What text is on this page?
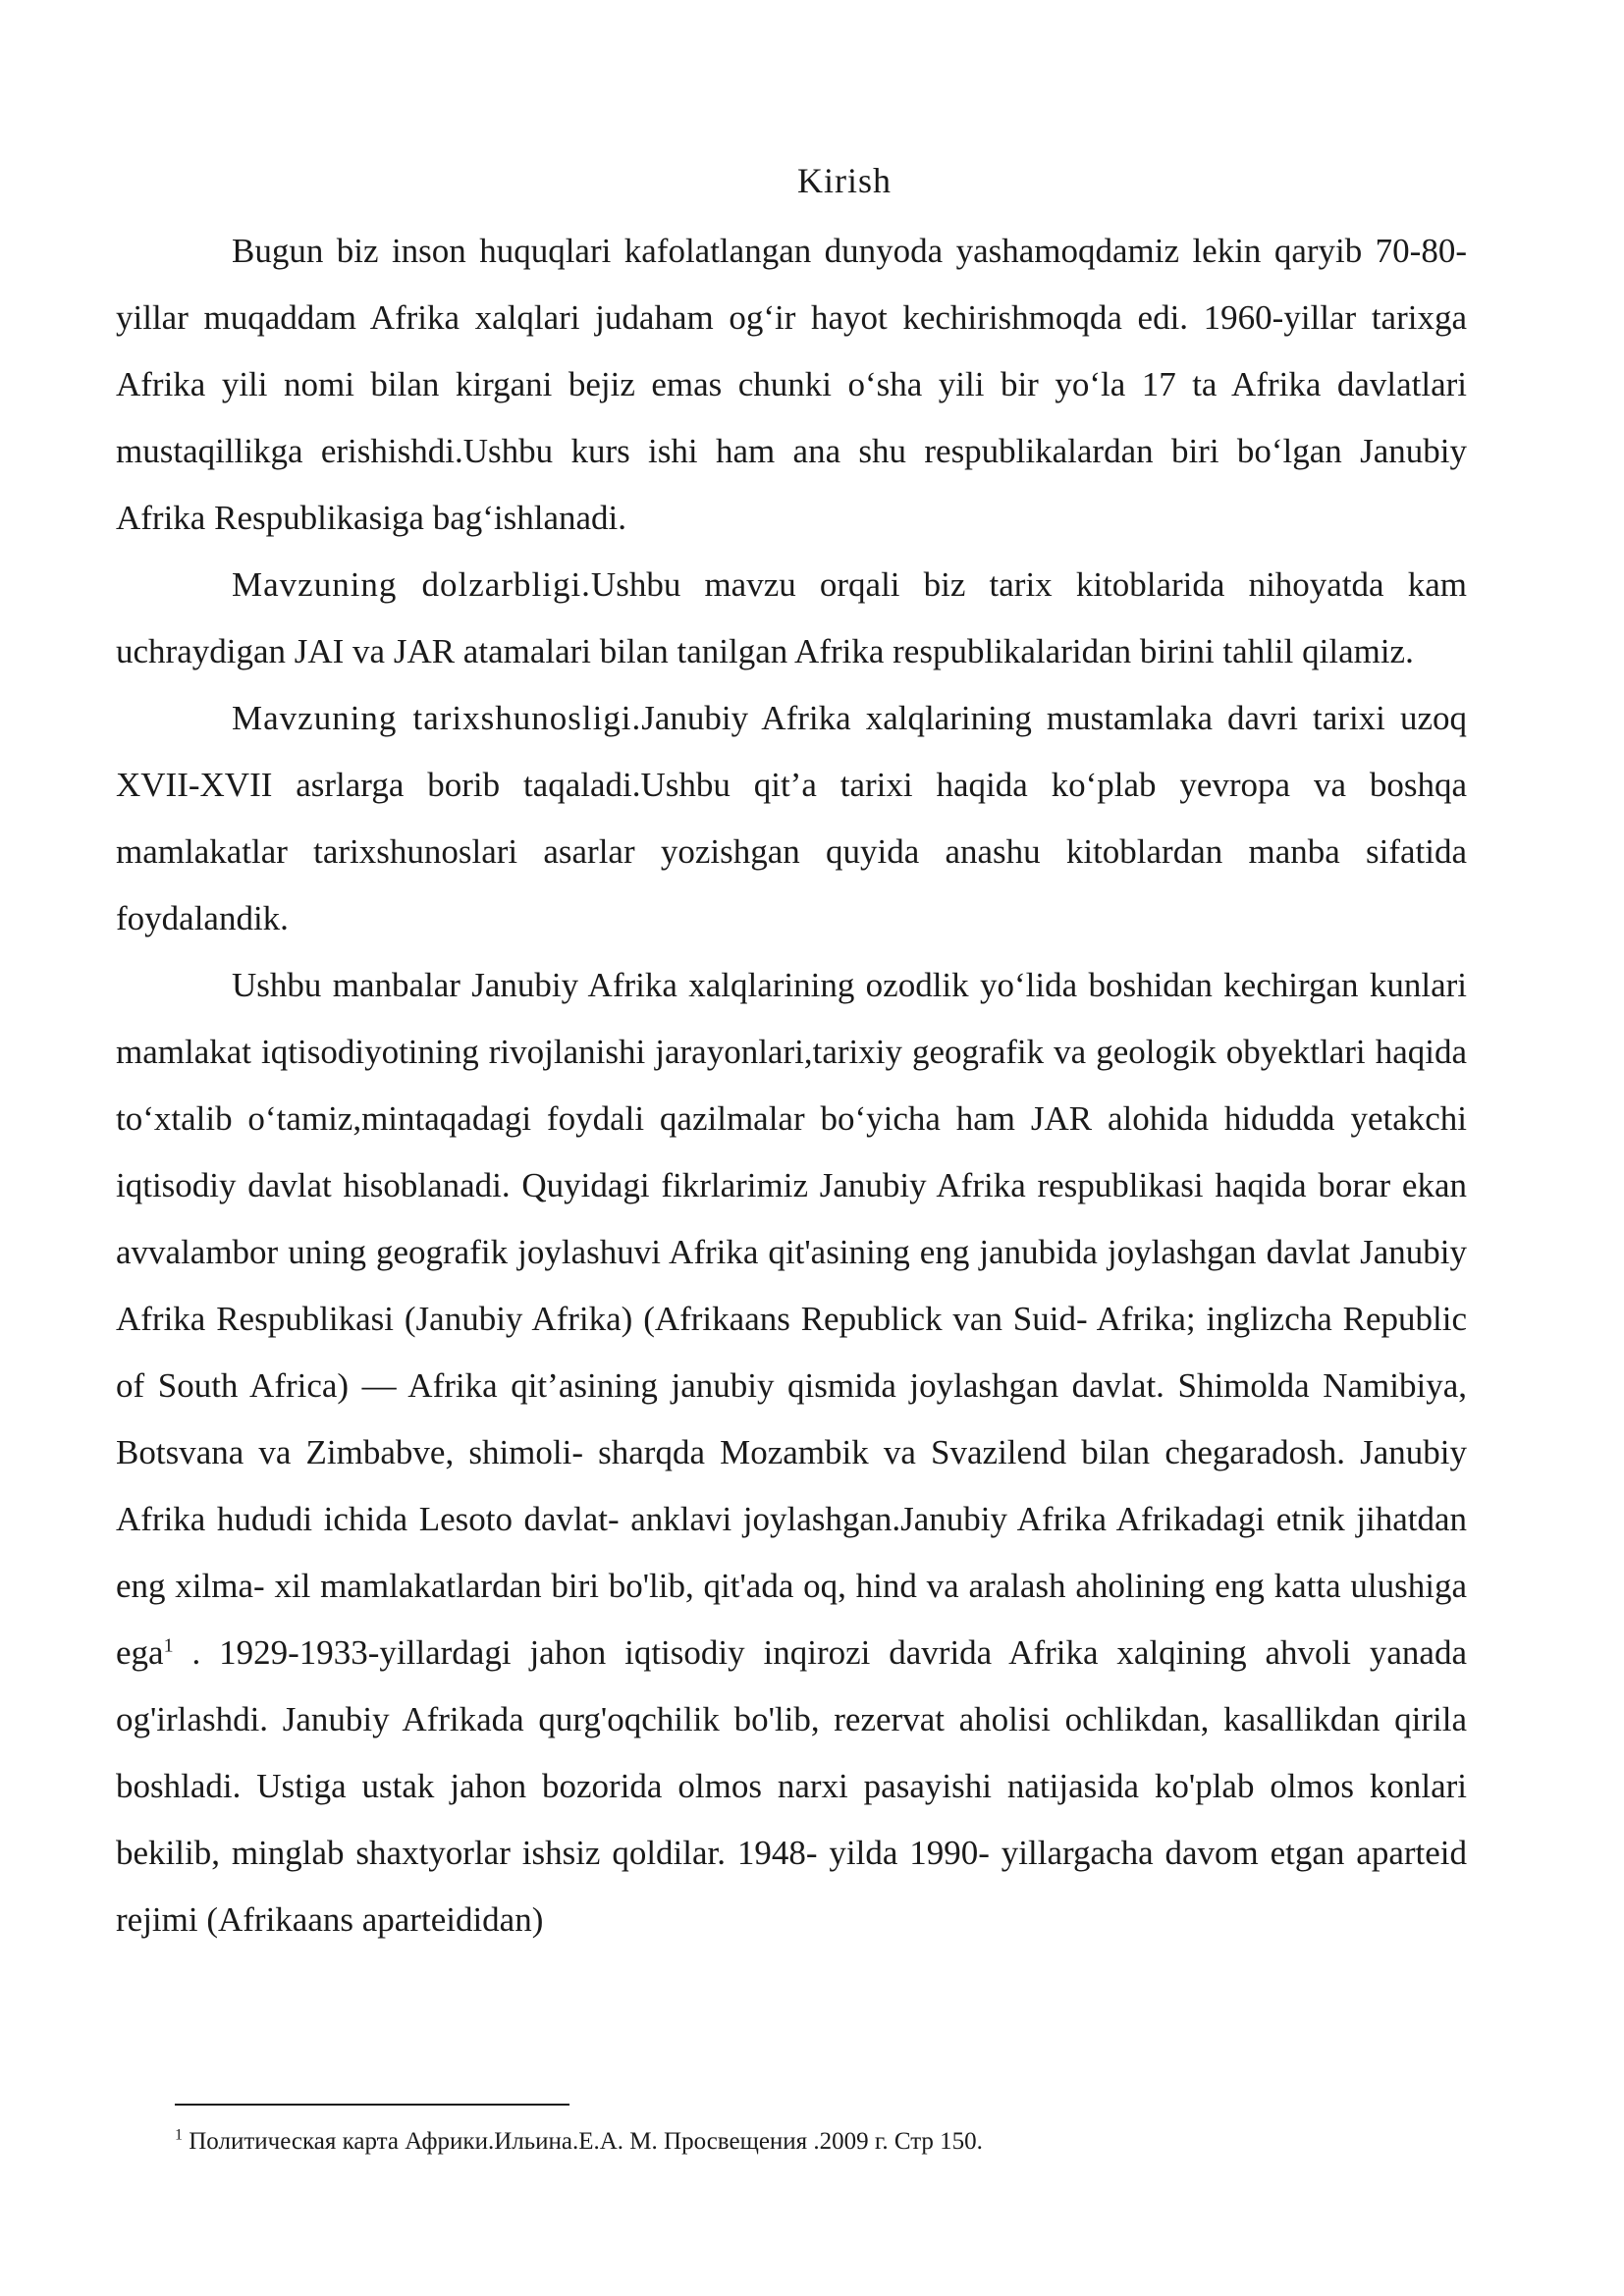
Kirish

Bugun biz inson huquqlari kafolatlangan dunyoda yashamoqdamiz lekin qaryib 70-80-yillar muqaddam Afrika xalqlari judaham og‘ir hayot kechirishmoqda edi. 1960-yillar tarixga Afrika yili nomi bilan kirgani bejiz emas chunki o‘sha yili bir yo‘la 17 ta Afrika davlatlari mustaqillikga erishishdi.Ushbu kurs ishi ham ana shu respublikalardan biri bo‘lgan Janubiy Afrika Respublikasiga bag‘ishlanadi.

Mavzuning dolzarbligi.Ushbu mavzu orqali biz tarix kitoblarida nihoyatda kam uchraydigan JAI va JAR atamalari bilan tanilgan Afrika respublikalaridan birini tahlil qilamiz.

Mavzuning tarixshunosligi.Janubiy Afrika xalqlarining mustamlaka davri tarixi uzoq XVII-XVII asrlarga borib taqaladi.Ushbu qit’a tarixi haqida ko‘plab yevropa va boshqa mamlakatlar tarixshunoslari asarlar yozishgan quyida anashu kitoblardan manba sifatida foydalandik.

Ushbu manbalar Janubiy Afrika xalqlarining ozodlik yo‘lida boshidan kechirgan kunlari mamlakat iqtisodiyotining rivojlanishi jarayonlari,tarixiy geografik va geologik obyektlari haqida to‘xtalib o‘tamiz,mintaqadagi foydali qazilmalar bo‘yicha ham JAR alohida hidudda yetakchi iqtisodiy davlat hisoblanadi. Quyidagi fikrlarimiz Janubiy Afrika respublikasi haqida borar ekan avvalambor uning geografik joylashuvi Afrika qit'asining eng janubida joylashgan davlat Janubiy Afrika Respublikasi (Janubiy Afrika) (Afrikaans Republick van Suid- Afrika; inglizcha Republic of South Africa) — Afrika qit’asining janubiy qismida joylashgan davlat. Shimolda Namibiya, Botsvana va Zimbabve, shimoli- sharqda Mozambik va Svazilend bilan chegaradosh. Janubiy Afrika hududi ichida Lesoto davlat- anklavi joylashgan.Janubiy Afrika Afrikadagi etnik jihatdan eng xilma- xil mamlakatlardan biri bo'lib, qit'ada oq, hind va aralash aholining eng katta ulushiga ega$^1$ . 1929-1933-yillardagi jahon iqtisodiy inqirozi davrida Afrika xalqining ahvoli yanada og'irlashdi. Janubiy Afrikada qurg'oqchilik bo'lib, rezervat aholisi ochlikdan, kasallikdan qirila boshladi. Ustiga ustak jahon bozorida olmos narxi pasayishi natijasida ko'plab olmos konlari bekilib, minglab shaxtyorlar ishsiz qoldilar. 1948- yilda 1990- yillargacha davom etgan aparteid rejimi (Afrikaans aparteididan)

$^1$ Политическая карта Африки.Ильина.Е.А. М. Просвещения .2009 г. Стр 150.
